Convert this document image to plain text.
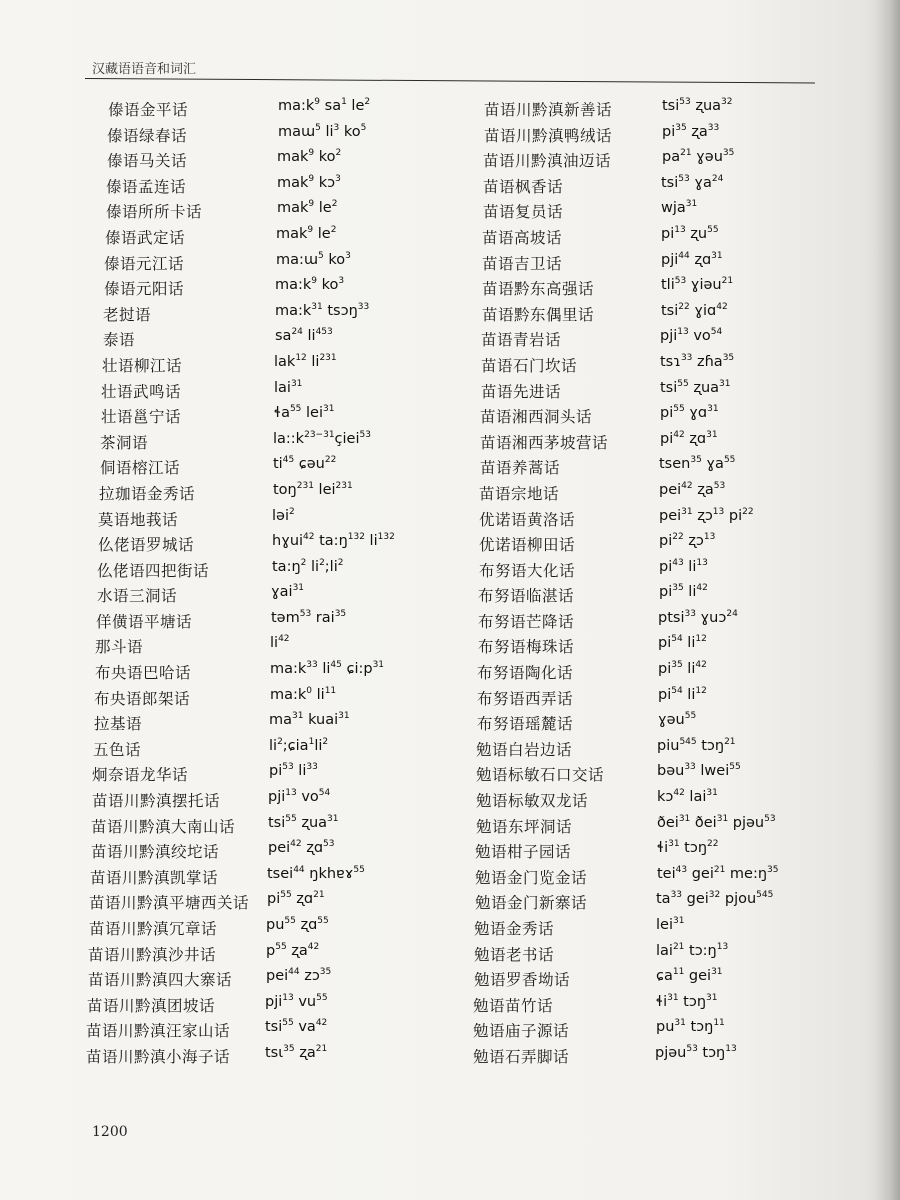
汉藏语语音和词汇
傣语金平话	$ma:k^9$ $sa^1$ $le^2$
傣语绿春话	maɯ$^5$ $li^3$ $ko^5$
傣语马关话	mak$^9$ $ko^2$
傣语孟连话	mak$^9$ kɔ$^3$
傣语所所卡话	mak$^9$ $le^2$
傣语武定话	mak$^9$ $le^2$
傣语元江话	ma:ɯ$^5$ $ko^3$
傣语元阳话	$ma:k^9$ $ko^3$
老挝语	$ma:k^{31}$ tsɔŋ$^{33}$
泰语	$sa^{24}$ $li^{453}$
壮语柳江话	lak$^{12}$ $li^{231}$
壮语武鸣话	lai$^{31}$
壮语邕宁话	ɬa$^{55}$ lei$^{31}$
茶洞语	$la::k^{23-31}çiei^{53}$
侗语榕江话	$ti^{45}$ ɕəu$^{22}$
拉珈语金秀话	toŋ$^{231}$ lei$^{231}$
莫语地莪话	ləi$^2$
仫佬语罗城话	hɣui$^{42}$ $ta:ŋ^{132}$ $li^{132}$
仫佬语四把街话	$ta:ŋ^2$ $li^2;li^2$
水语三洞话	ɣai$^{31}$
佯僙语平塘话	təm$^{53}$ rai$^{35}$
那斗语	$li^{42}$
布央语巴哈话	$ma:k^{33}$ $li^{45}$ $ɕi:p^{31}$
布央语郎架话	$ma:k^0$ $li^{11}$
拉基语	$ma^{31}$ kuai$^{31}$
五色话	$li^2;ɕia^1li^2$
炯奈语龙华话	$pi^{53}$ $li^{33}$
苗语川黔滇摆托话	pji$^{13}$ $vo^{54}$
苗语川黔滇大南山话 tsi$^{55}$ ʐua$^{31}$
苗语川黔滇绞坨话	pei$^{42}$ ʐɑ$^{53}$
苗语川黔滇凯掌话	tsei$^{44}$ ŋkhɐɤ$^{55}$
苗语川黔滇平塘西关话 $pi^{55}$ ʐɑ$^{21}$
苗语川黔滇冗章话	$pu^{55}$ ʐɑ$^{55}$
苗语川黔滇沙井话	$p^{55}$ ʐa$^{42}$
苗语川黔滇四大寨话 pei$^{44}$ zɔ$^{35}$
苗语川黔滇团坡话	pji$^{13}$ $vu^{55}$
苗语川黔滇汪家山话 tsi$^{55}$ $va^{42}$
苗语川黔滇小海子话 tsɩ$^{35}$ ʐa$^{21}$
苗语川黔滇新善话	tsi$^{53}$ ʐua$^{32}$
苗语川黔滇鸭绒话	$pi^{35}$ ʐa$^{33}$
苗语川黔滇油迈话	$pa^{21}$ ɣəu$^{35}$
苗语枫香话	tsi$^{53}$ ɣa$^{24}$
苗语复员话	wja$^{31}$
苗语高坡话	$pi^{13}$ ʐu$^{55}$
苗语吉卫话	pji$^{44}$ ʐɑ$^{31}$
苗语黔东高强话	tli$^{53}$ ɣiəu$^{21}$
苗语黔东偶里话	tsi$^{22}$ ɣiɑ$^{42}$
苗语青岩话	pji$^{13}$ $vo^{54}$
苗语石门坎话	tsɿ$^{33}$ zɦa$^{35}$
苗语先进话	tsi$^{55}$ ʐua$^{31}$
苗语湘西洞头话	$pi^{55}$ ɣɑ$^{31}$
苗语湘西茅坡营话	$pi^{42}$ ʐɑ$^{31}$
苗语养蒿话	tsen$^{35}$ ɣa$^{55}$
苗语宗地话	pei$^{42}$ ʐa$^{53}$
优诺语黄洛话	pei$^{31}$ ʐɔ$^{13}$ $pi^{22}$
优诺语柳田话	$pi^{22}$ ʐɔ$^{13}$
布努语大化话	$pi^{43}$ $li^{13}$
布努语临湛话	$pi^{35}$ $li^{42}$
布努语芒降话	ptsi$^{33}$ ɣuɔ$^{24}$
布努语梅珠话	$pi^{54}$ $li^{12}$
布努语陶化话	$pi^{35}$ $li^{42}$
布努语西弄话	$pi^{54}$ $li^{12}$
布努语瑶麓话	ɣəu$^{55}$
勉语白岩边话	piu$^{545}$ tɔŋ$^{21}$
勉语标敏石口交话	bəu$^{33}$ lwei$^{55}$
勉语标敏双龙话	kɔ$^{42}$ lai$^{31}$
勉语东坪洞话	ðei$^{31}$ ðei$^{31}$ pjəu$^{53}$
勉语柑子园话	ɬi$^{31}$ tɔŋ$^{22}$
勉语金门览金话	tei$^{43}$ gei$^{21}$ $me:ŋ^{35}$
勉语金门新寨话	$ta^{33}$ gei$^{32}$ pjou$^{545}$
勉语金秀话	lei$^{31}$
勉语老书话	lai$^{21}$ $tɔ:ŋ^{13}$
勉语罗香坳话	ɕa$^{11}$ gei$^{31}$
勉语苗竹话	ɬi$^{31}$ tɔŋ$^{31}$
勉语庙子源话	$pu^{31}$ tɔŋ$^{11}$
勉语石弄脚话	pjəu$^{53}$ tɔŋ$^{13}$
1200
